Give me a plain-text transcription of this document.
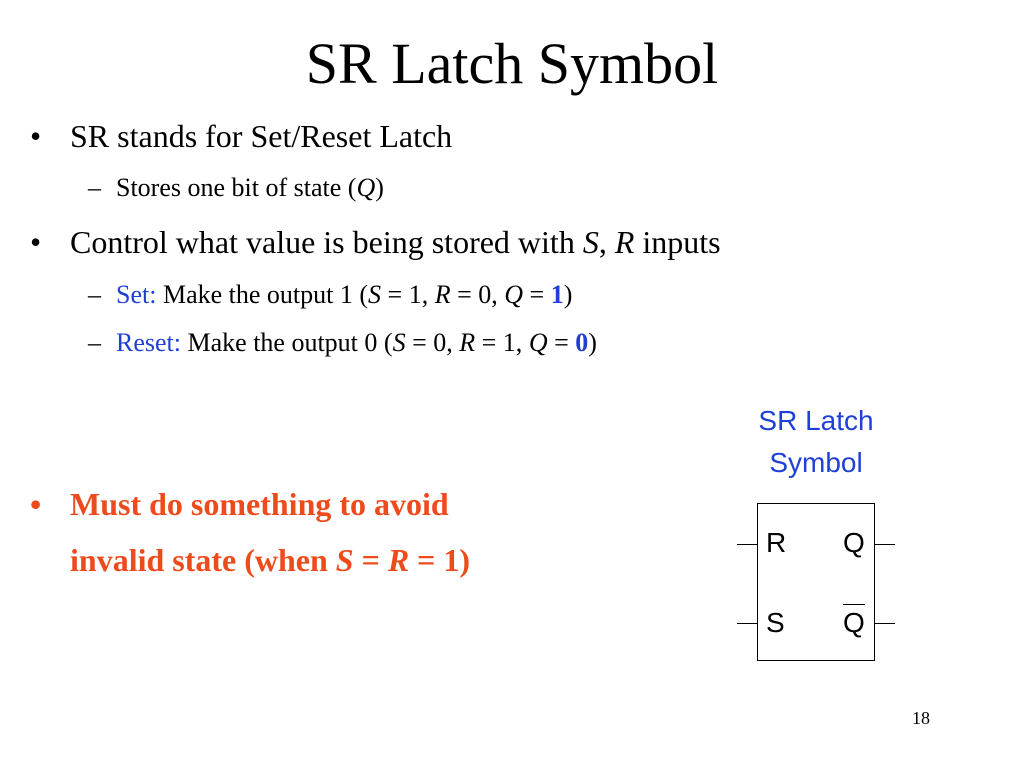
SR Latch Symbol
• SR stands for Set/Reset Latch
– Stores one bit of state (Q)
• Control what value is being stored with S, R inputs
– Set: Make the output 1 (S = 1, R = 0, Q = 1)
– Reset: Make the output 0 (S = 0, R = 1, Q = 0)
• Must do something to avoid
invalid state (when S = R = 1)
SR Latch
Symbol
R Q
S Q
18
